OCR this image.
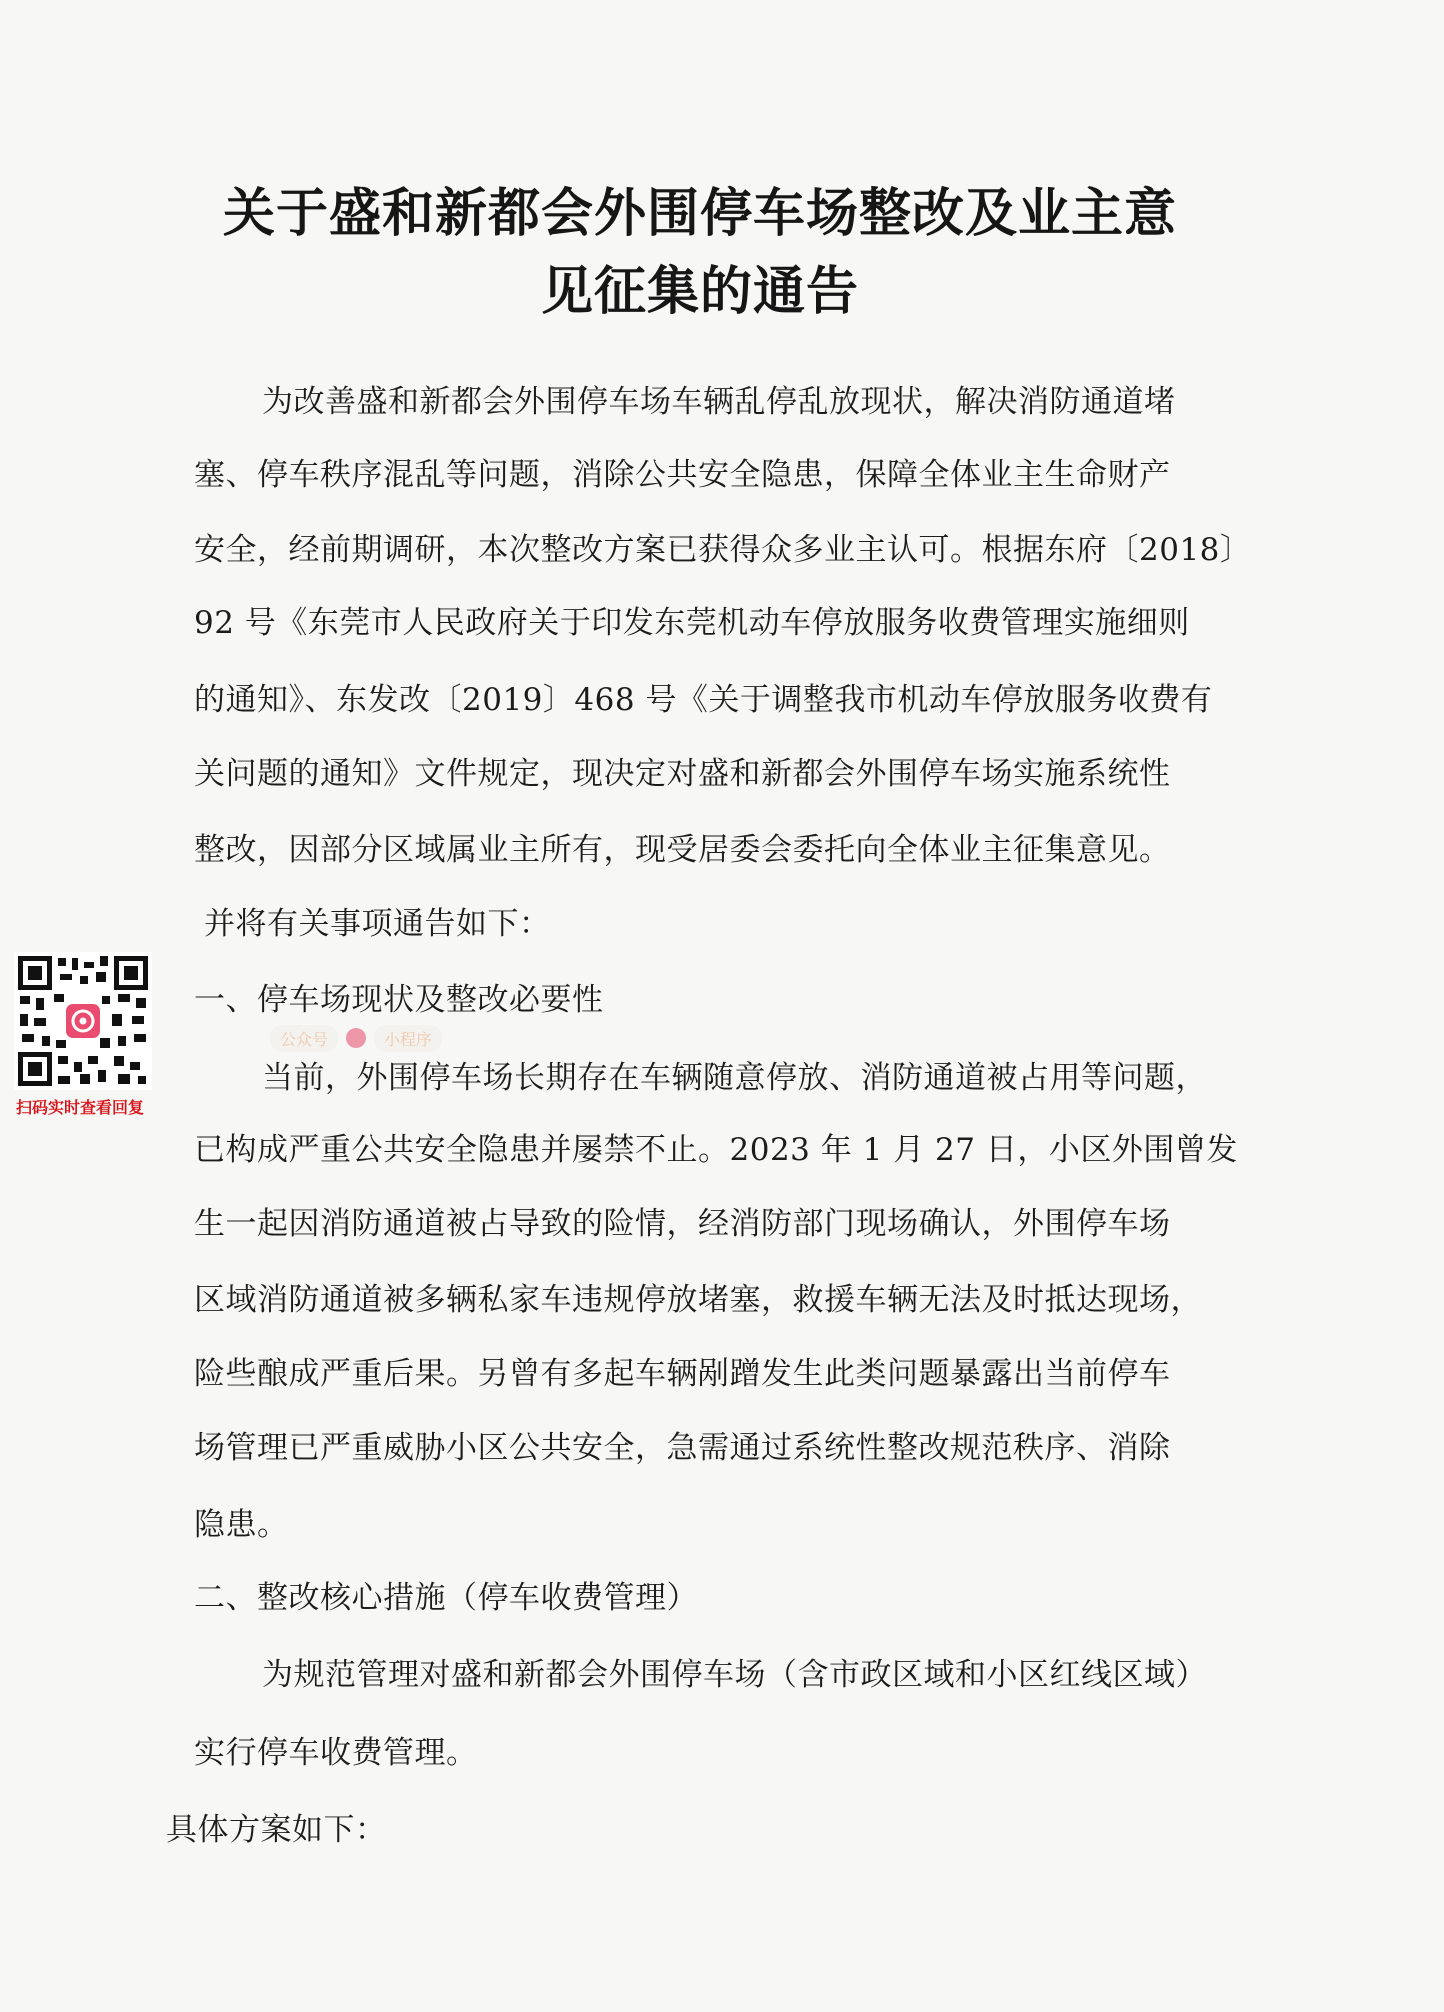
关于盛和新都会外围停车场整改及业主意
见征集的通告
为改善盛和新都会外围停车场车辆乱停乱放现状，解决消防通道堵
塞、停车秩序混乱等问题，消除公共安全隐患，保障全体业主生命财产
安全，经前期调研，本次整改方案已获得众多业主认可。根据东府〔2018〕
92 号《东莞市人民政府关于印发东莞机动车停放服务收费管理实施细则
的通知》、东发改〔2019〕468 号《关于调整我市机动车停放服务收费有
关问题的通知》文件规定，现决定对盛和新都会外围停车场实施系统性
整改，因部分区域属业主所有，现受居委会委托向全体业主征集意见。
并将有关事项通告如下：
一、停车场现状及整改必要性
当前，外围停车场长期存在车辆随意停放、消防通道被占用等问题，
已构成严重公共安全隐患并屡禁不止。2023 年 1 月 27 日，小区外围曾发
生一起因消防通道被占导致的险情，经消防部门现场确认，外围停车场
区域消防通道被多辆私家车违规停放堵塞，救援车辆无法及时抵达现场，
险些酿成严重后果。另曾有多起车辆剐蹭发生此类问题暴露出当前停车
场管理已严重威胁小区公共安全，急需通过系统性整改规范秩序、消除
隐患。
二、整改核心措施（停车收费管理）
为规范管理对盛和新都会外围停车场（含市政区域和小区红线区域）
实行停车收费管理。
具体方案如下：
扫码实时查看回复
公众号	小程序
